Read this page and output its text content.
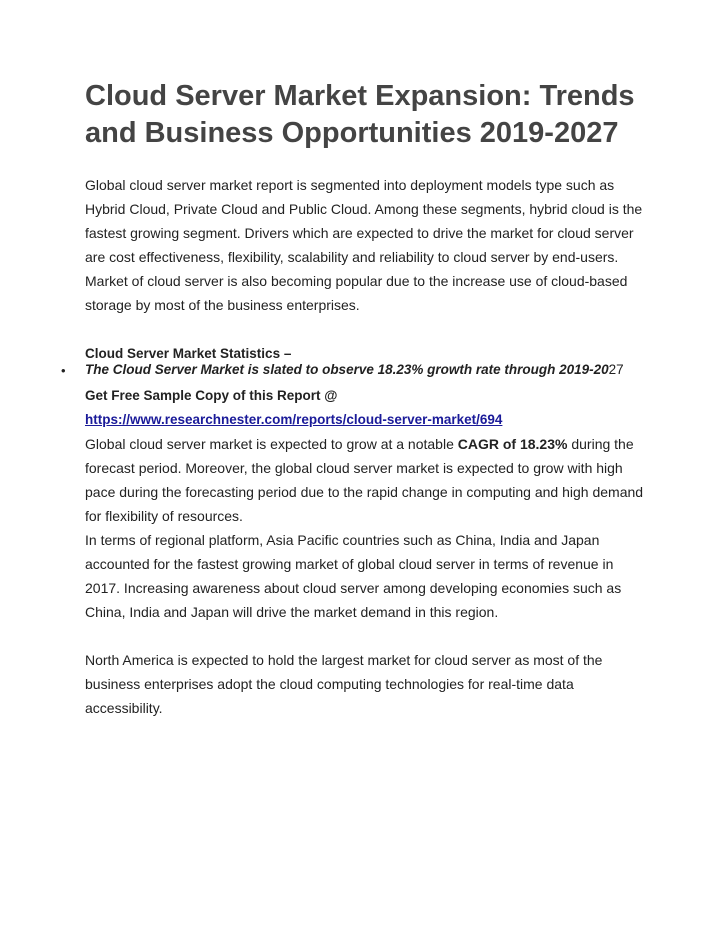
Cloud Server Market Expansion: Trends and Business Opportunities 2019-2027

Global cloud server market report is segmented into deployment models type such as Hybrid Cloud, Private Cloud and Public Cloud. Among these segments, hybrid cloud is the fastest growing segment. Drivers which are expected to drive the market for cloud server are cost effectiveness, flexibility, scalability and reliability to cloud server by end-users. Market of cloud server is also becoming popular due to the increase use of cloud-based storage by most of the business enterprises.

Cloud Server Market Statistics –

• The Cloud Server Market is slated to observe 18.23% growth rate through 2019-2027

Get Free Sample Copy of this Report @

https://www.researchnester.com/reports/cloud-server-market/694

Global cloud server market is expected to grow at a notable CAGR of 18.23% during the forecast period. Moreover, the global cloud server market is expected to grow with high pace during the forecasting period due to the rapid change in computing and high demand for flexibility of resources.

In terms of regional platform, Asia Pacific countries such as China, India and Japan accounted for the fastest growing market of global cloud server in terms of revenue in 2017. Increasing awareness about cloud server among developing economies such as China, India and Japan will drive the market demand in this region.

North America is expected to hold the largest market for cloud server as most of the business enterprises adopt the cloud computing technologies for real-time data accessibility.
